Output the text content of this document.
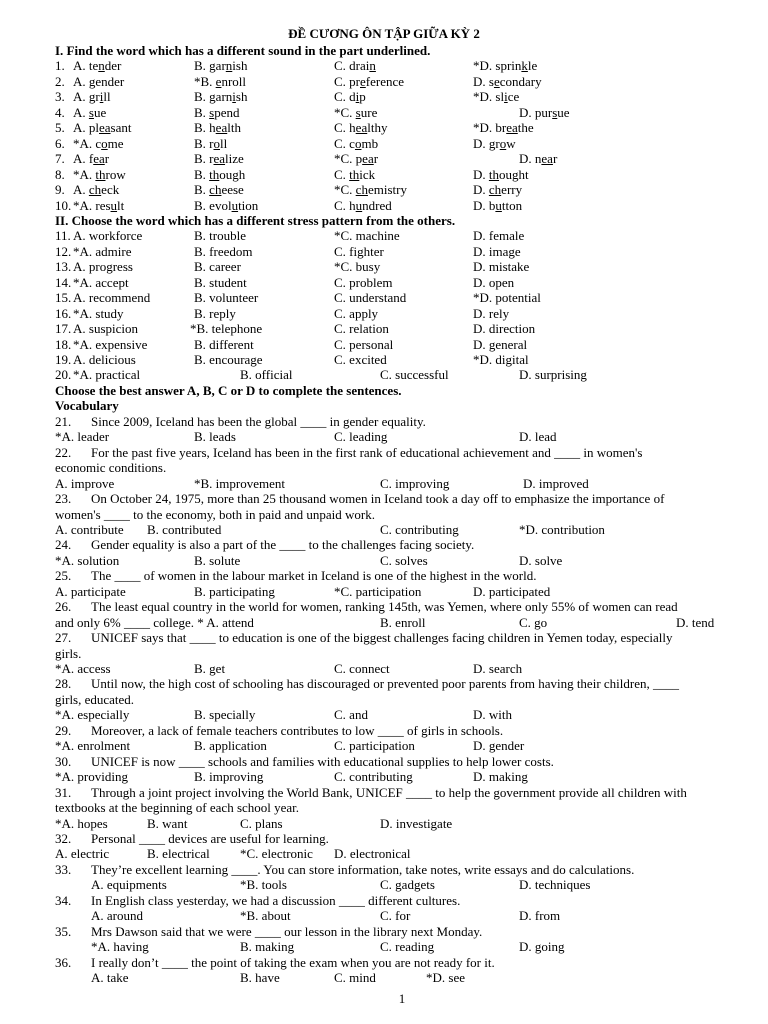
ĐỀ CƯƠNG ÔN TẬP GIỮA KỲ 2
I. Find the word which has a different sound in the part underlined.
1. A. tender	B. garnish	C. drain	*D. sprinkle
2. A. gender	*B. enroll	C. preference	D. secondary
3. A. grill	B. garnish	C. dip	*D. slice
4. A. sue	B. spend	*C. sure	D. pursue
5. A. pleasant	B. health	C. healthy	*D. breathe
6. *A. come	B. roll	C. comb	D. grow
7. A. fear	B. realize	*C. pear	D. near
8. *A. throw	B. though	C. thick	D. thought
9. A. check	B. cheese	*C. chemistry	D. cherry
10. *A. result	B. evolution	C. hundred	D. button
II. Choose the word which has a different stress pattern from the others.
11. A. workforce	B. trouble	*C. machine	D. female
12. *A. admire	B. freedom	C. fighter	D. image
13. A. progress	B. career	*C. busy	D. mistake
14. *A. accept	B. student	C. problem	D. open
15. A. recommend	B. volunteer	C. understand	*D. potential
16. *A. study	B. reply	C. apply	D. rely
17. A. suspicion	*B. telephone	C. relation	D. direction
18. *A. expensive	B. different	C. personal	D. general
19. A. delicious	B. encourage	C. excited	*D. digital
20. *A. practical	B. official	C. successful	D. surprising
Choose the best answer A, B, C or D to complete the sentences.
Vocabulary
21. Since 2009, Iceland has been the global ____ in gender equality.
*A. leader	B. leads	C. leading	D. lead
22. For the past five years, Iceland has been in the first rank of educational achievement and ____ in women's
economic conditions.
A. improve	*B. improvement	C. improving	D. improved
23. On October 24, 1975, more than 25 thousand women in Iceland took a day off to emphasize the importance of
women's ____ to the economy, both in paid and unpaid work.
A. contribute B. contributed	C. contributing	*D. contribution
24. Gender equality is also a part of the ____ to the challenges facing society.
*A. solution	B. solute	C. solves	D. solve
25. The ____ of women in the labour market in Iceland is one of the highest in the world.
A. participate	B. participating	*C. participation	D. participated
26. The least equal country in the world for women, ranking 145th, was Yemen, where only 55% of women can read
and only 6% ____ college. * A. attend	B. enroll	C. go	D. tend
27. UNICEF says that ____ to education is one of the biggest challenges facing children in Yemen today, especially
girls.
*A. access	B. get	C. connect	D. search
28. Until now, the high cost of schooling has discouraged or prevented poor parents from having their children, ____
girls, educated.
*A. especially	B. specially	C. and	D. with
29. Moreover, a lack of female teachers contributes to low ____ of girls in schools.
*A. enrolment	B. application	C. participation	D. gender
30. UNICEF is now ____ schools and families with educational supplies to help lower costs.
*A. providing	B. improving	C. contributing	D. making
31. Through a joint project involving the World Bank, UNICEF ____ to help the government provide all children with
textbooks at the beginning of each school year.
*A. hopes	B. want	C. plans	D. investigate
32. Personal ____ devices are useful for learning.
A. electric	B. electrical *C. electronic D. electronical
33. They’re excellent learning ____. You can store information, take notes, write essays and do calculations.
A. equipments	*B. tools	C. gadgets	D. techniques
34. In English class yesterday, we had a discussion ____ different cultures.
A. around	*B. about	C. for	D. from
35. Mrs Dawson said that we were ____ our lesson in the library next Monday.
*A. having	B. making	C. reading	D. going
36. I really don’t ____ the point of taking the exam when you are not ready for it.
A. take	B. have	C. mind	*D. see
1
